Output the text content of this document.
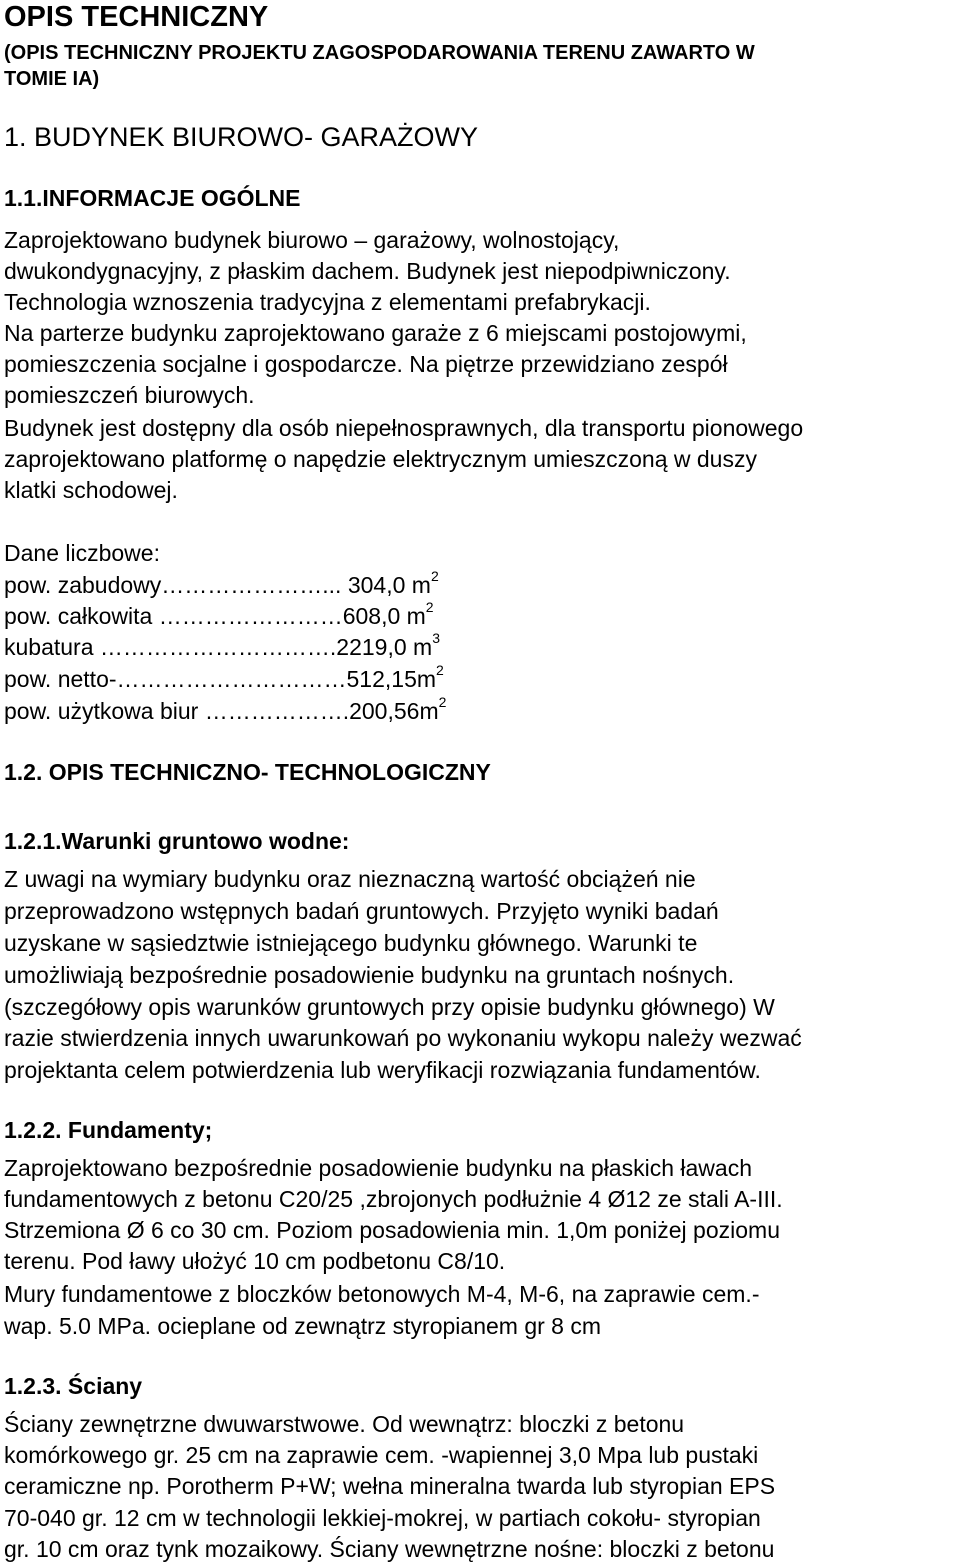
OPIS TECHNICZNY
(OPIS TECHNICZNY PROJEKTU ZAGOSPODAROWANIA TERENU ZAWARTO W
TOMIE IA)
1. BUDYNEK BIUROWO- GARAŻOWY
1.1.INFORMACJE OGÓLNE
Zaprojektowano budynek biurowo – garażowy, wolnostojący,
dwukondygnacyjny, z płaskim dachem. Budynek jest niepodpiwniczony.
Technologia wznoszenia tradycyjna z elementami prefabrykacji.
Na parterze budynku zaprojektowano garaże z 6 miejscami postojowymi,
pomieszczenia socjalne i gospodarcze. Na piętrze przewidziano zespół
pomieszczeń biurowych.
Budynek jest dostępny dla osób niepełnosprawnych, dla transportu pionowego
zaprojektowano platformę o napędzie elektrycznym umieszczoną w duszy
klatki schodowej.
Dane liczbowe:
pow. zabudowy…………………... 304,0 $m^2$
pow. całkowita ……………………608,0 $m^2$
kubatura ………………………….2219,0 $m^3$
pow. netto-$\dots\dots\dots\dots\dots\dots\dots\dots\dots\dots 512,15m^2$
pow. użytkowa biur $\dots\dots\dots\dots\dots\dots.200,56m^2$
1.2. OPIS TECHNICZNO- TECHNOLOGICZNY
1.2.1.Warunki gruntowo wodne:
Z uwagi na wymiary budynku oraz nieznaczną wartość obciążeń nie
przeprowadzono wstępnych badań gruntowych. Przyjęto wyniki badań
uzyskane w sąsiedztwie istniejącego budynku głównego. Warunki te
umożliwiają bezpośrednie posadowienie budynku na gruntach nośnych.
(szczegółowy opis warunków gruntowych przy opisie budynku głównego) W
razie stwierdzenia innych uwarunkowań po wykonaniu wykopu należy wezwać
projektanta celem potwierdzenia lub weryfikacji rozwiązania fundamentów.
1.2.2. Fundamenty;
Zaprojektowano bezpośrednie posadowienie budynku na płaskich ławach
fundamentowych z betonu C20/25 ,zbrojonych podłużnie 4 Ø12 ze stali A-III.
Strzemiona Ø 6 co 30 cm. Poziom posadowienia min. 1,0m poniżej poziomu
terenu. Pod ławy ułożyć 10 cm podbetonu C8/10.
Mury fundamentowe z bloczków betonowych M-4, M-6, na zaprawie cem.-
wap. 5.0 MPa. ocieplane od zewnątrz styropianem gr 8 cm
1.2.3. Ściany
Ściany zewnętrzne dwuwarstwowe. Od wewnątrz: bloczki z betonu
komórkowego gr. 25 cm na zaprawie cem. -wapiennej 3,0 Mpa lub pustaki
ceramiczne np. Porotherm P+W; wełna mineralna twarda lub styropian EPS
70-040 gr. 12 cm w technologii lekkiej-mokrej, w partiach cokołu- styropian
gr. 10 cm oraz tynk mozaikowy. Ściany wewnętrzne nośne: bloczki z betonu
